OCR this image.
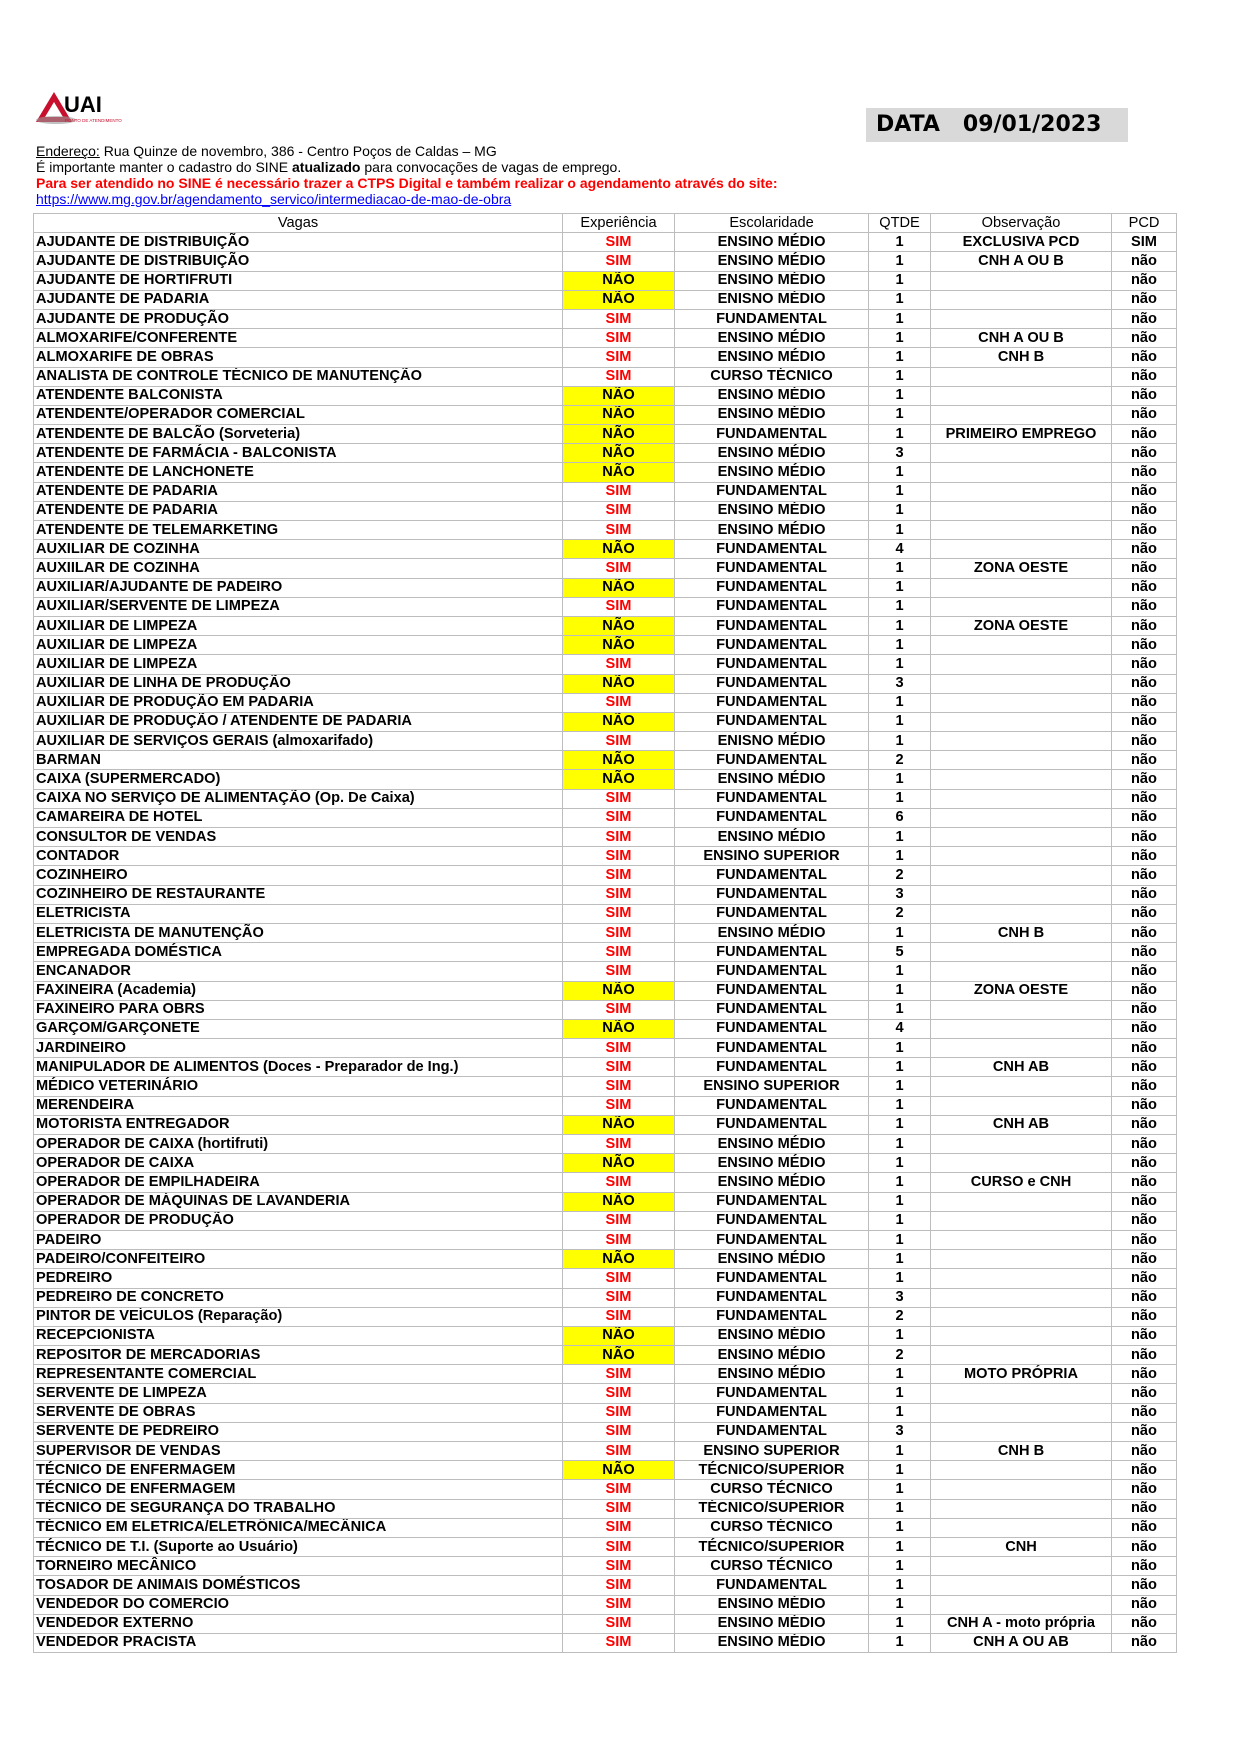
UAI
PONTO DE ATENDIMENTO	DATA   09/01/2023
Endereço: Rua Quinze de novembro, 386 - Centro Poços de Caldas – MG
É importante manter o cadastro do SINE atualizado para convocações de vagas de emprego.
Para ser atendido no SINE é necessário trazer a CTPS Digital e também realizar o agendamento através do site:
https://www.mg.gov.br/agendamento_servico/intermediacao-de-mao-de-obra
Vagas	Experiência	Escolaridade	QTDE	Observação	PCD
AJUDANTE DE DISTRIBUIÇÃO	SIM	ENSINO MÉDIO	1	EXCLUSIVA PCD	SIM
AJUDANTE DE DISTRIBUIÇÃO	SIM	ENSINO MÉDIO	1	CNH A OU B	não
AJUDANTE DE HORTIFRUTI	NÃO	ENSINO MÉDIO	1		não
AJUDANTE DE PADARIA	NÃO	ENISNO MÉDIO	1		não
AJUDANTE DE PRODUÇÃO	SIM	FUNDAMENTAL	1		não
ALMOXARIFE/CONFERENTE	SIM	ENSINO MÉDIO	1	CNH A OU B	não
ALMOXARIFE DE OBRAS	SIM	ENSINO MÉDIO	1	CNH B	não
ANALISTA DE CONTROLE TÉCNICO DE MANUTENÇÃO	SIM	CURSO TÉCNICO	1		não
ATENDENTE BALCONISTA	NÃO	ENSINO MÉDIO	1		não
ATENDENTE/OPERADOR COMERCIAL	NÃO	ENSINO MÉDIO	1		não
ATENDENTE DE BALCÃO (Sorveteria)	NÃO	FUNDAMENTAL	1	PRIMEIRO EMPREGO	não
ATENDENTE DE FARMÁCIA - BALCONISTA	NÃO	ENSINO MÉDIO	3		não
ATENDENTE DE LANCHONETE	NÃO	ENSINO MÉDIO	1		não
ATENDENTE DE PADARIA	SIM	FUNDAMENTAL	1		não
ATENDENTE DE PADARIA	SIM	ENSINO MÉDIO	1		não
ATENDENTE DE TELEMARKETING	SIM	ENSINO MÉDIO	1		não
AUXILIAR DE COZINHA	NÃO	FUNDAMENTAL	4		não
AUXIILAR DE COZINHA	SIM	FUNDAMENTAL	1	ZONA OESTE	não
AUXILIAR/AJUDANTE DE PADEIRO	NÃO	FUNDAMENTAL	1		não
AUXILIAR/SERVENTE DE LIMPEZA	SIM	FUNDAMENTAL	1		não
AUXILIAR DE LIMPEZA	NÃO	FUNDAMENTAL	1	ZONA OESTE	não
AUXILIAR DE LIMPEZA	NÃO	FUNDAMENTAL	1		não
AUXILIAR DE LIMPEZA	SIM	FUNDAMENTAL	1		não
AUXILIAR DE LINHA DE PRODUÇÃO	NÃO	FUNDAMENTAL	3		não
AUXILIAR DE PRODUÇÃO EM PADARIA	SIM	FUNDAMENTAL	1		não
AUXILIAR DE PRODUÇÃO / ATENDENTE DE PADARIA	NÃO	FUNDAMENTAL	1		não
AUXILIAR DE SERVIÇOS GERAIS (almoxarifado)	SIM	ENISNO MÉDIO	1		não
BARMAN	NÃO	FUNDAMENTAL	2		não
CAIXA (SUPERMERCADO)	NÃO	ENSINO MÉDIO	1		não
CAIXA NO SERVIÇO DE ALIMENTAÇÃO (Op. De Caixa)	SIM	FUNDAMENTAL	1		não
CAMAREIRA DE HOTEL	SIM	FUNDAMENTAL	6		não
CONSULTOR DE VENDAS	SIM	ENSINO MÉDIO	1		não
CONTADOR	SIM	ENSINO SUPERIOR	1		não
COZINHEIRO	SIM	FUNDAMENTAL	2		não
COZINHEIRO DE RESTAURANTE	SIM	FUNDAMENTAL	3		não
ELETRICISTA	SIM	FUNDAMENTAL	2		não
ELETRICISTA DE MANUTENÇÃO	SIM	ENSINO MÉDIO	1	CNH B	não
EMPREGADA DOMÉSTICA	SIM	FUNDAMENTAL	5		não
ENCANADOR	SIM	FUNDAMENTAL	1		não
FAXINEIRA (Academia)	NÃO	FUNDAMENTAL	1	ZONA OESTE	não
FAXINEIRO PARA OBRS	SIM	FUNDAMENTAL	1		não
GARÇOM/GARÇONETE	NÃO	FUNDAMENTAL	4		não
JARDINEIRO	SIM	FUNDAMENTAL	1		não
MANIPULADOR DE ALIMENTOS (Doces - Preparador de Ing.)	SIM	FUNDAMENTAL	1	CNH AB	não
MÉDICO VETERINÁRIO	SIM	ENSINO SUPERIOR	1		não
MERENDEIRA	SIM	FUNDAMENTAL	1		não
MOTORISTA ENTREGADOR	NÃO	FUNDAMENTAL	1	CNH AB	não
OPERADOR DE CAIXA (hortifruti)	SIM	ENSINO MÉDIO	1		não
OPERADOR DE CAIXA	NÃO	ENSINO MÉDIO	1		não
OPERADOR DE EMPILHADEIRA	SIM	ENSINO MÉDIO	1	CURSO e CNH	não
OPERADOR DE MÁQUINAS DE LAVANDERIA	NÃO	FUNDAMENTAL	1		não
OPERADOR DE PRODUÇÃO	SIM	FUNDAMENTAL	1		não
PADEIRO	SIM	FUNDAMENTAL	1		não
PADEIRO/CONFEITEIRO	NÃO	ENSINO MÉDIO	1		não
PEDREIRO	SIM	FUNDAMENTAL	1		não
PEDREIRO DE CONCRETO	SIM	FUNDAMENTAL	3		não
PINTOR DE VEÍCULOS (Reparação)	SIM	FUNDAMENTAL	2		não
RECEPCIONISTA	NÃO	ENSINO MÉDIO	1		não
REPOSITOR DE MERCADORIAS	NÃO	ENSINO MÉDIO	2		não
REPRESENTANTE COMERCIAL	SIM	ENSINO MÉDIO	1	MOTO PRÓPRIA	não
SERVENTE DE LIMPEZA	SIM	FUNDAMENTAL	1		não
SERVENTE DE OBRAS	SIM	FUNDAMENTAL	1		não
SERVENTE DE PEDREIRO	SIM	FUNDAMENTAL	3		não
SUPERVISOR DE VENDAS	SIM	ENSINO SUPERIOR	1	CNH B	não
TÉCNICO DE ENFERMAGEM	NÃO	TÉCNICO/SUPERIOR	1		não
TÉCNICO DE ENFERMAGEM	SIM	CURSO TÉCNICO	1		não
TÉCNICO DE SEGURANÇA DO TRABALHO	SIM	TÉCNICO/SUPERIOR	1		não
TÉCNICO EM ELETRICA/ELETRÔNICA/MECÂNICA	SIM	CURSO TÉCNICO	1		não
TÉCNICO DE T.I. (Suporte ao Usuário)	SIM	TÉCNICO/SUPERIOR	1	CNH	não
TORNEIRO MECÂNICO	SIM	CURSO TÉCNICO	1		não
TOSADOR DE ANIMAIS DOMÉSTICOS	SIM	FUNDAMENTAL	1		não
VENDEDOR DO COMERCIO	SIM	ENSINO MÉDIO	1		não
VENDEDOR EXTERNO	SIM	ENSINO MÉDIO	1	CNH A - moto própria	não
VENDEDOR PRACISTA	SIM	ENSINO MÉDIO	1	CNH A OU AB	não
